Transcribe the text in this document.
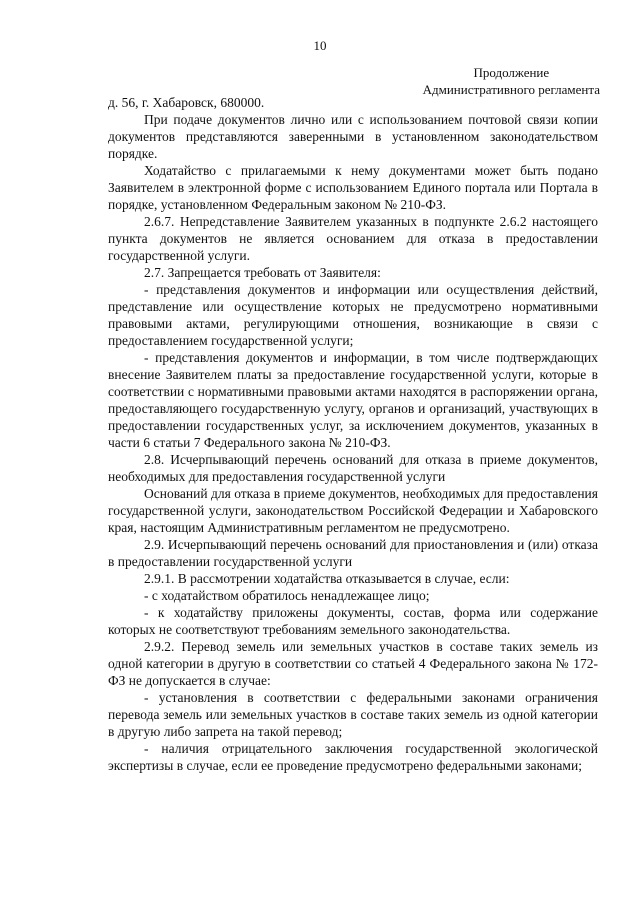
10
Продолжение
Административного регламента

д. 56, г. Хабаровск, 680000.

При подаче документов лично или с использованием почтовой связи копии документов представляются заверенными в установленном законодательством порядке.

Ходатайство с прилагаемыми к нему документами может быть подано Заявителем в электронной форме с использованием Единого портала или Портала в порядке, установленном Федеральным законом № 210-ФЗ.

2.6.7. Непредставление Заявителем указанных в подпункте 2.6.2 настоящего пункта документов не является основанием для отказа в предоставлении государственной услуги.

2.7. Запрещается требовать от Заявителя:

- представления документов и информации или осуществления действий, представление или осуществление которых не предусмотрено нормативными правовыми актами, регулирующими отношения, возникающие в связи с предоставлением государственной услуги;

- представления документов и информации, в том числе подтверждающих внесение Заявителем платы за предоставление государственной услуги, которые в соответствии с нормативными правовыми актами находятся в распоряжении органа, предоставляющего государственную услугу, органов и организаций, участвующих в предоставлении государственных услуг, за исключением документов, указанных в части 6 статьи 7 Федерального закона № 210-ФЗ.

2.8. Исчерпывающий перечень оснований для отказа в приеме документов, необходимых для предоставления государственной услуги

Оснований для отказа в приеме документов, необходимых для предоставления государственной услуги, законодательством Российской Федерации и Хабаровского края, настоящим Административным регламентом не предусмотрено.

2.9. Исчерпывающий перечень оснований для приостановления и (или) отказа в предоставлении государственной услуги

2.9.1. В рассмотрении ходатайства отказывается в случае, если:

- с ходатайством обратилось ненадлежащее лицо;

- к ходатайству приложены документы, состав, форма или содержание которых не соответствуют требованиям земельного законодательства.

2.9.2. Перевод земель или земельных участков в составе таких земель из одной категории в другую в соответствии со статьей 4 Федерального закона № 172-ФЗ не допускается в случае:

- установления в соответствии с федеральными законами ограничения перевода земель или земельных участков в составе таких земель из одной категории в другую либо запрета на такой перевод;

- наличия отрицательного заключения государственной экологической экспертизы в случае, если ее проведение предусмотрено федеральными законами;
